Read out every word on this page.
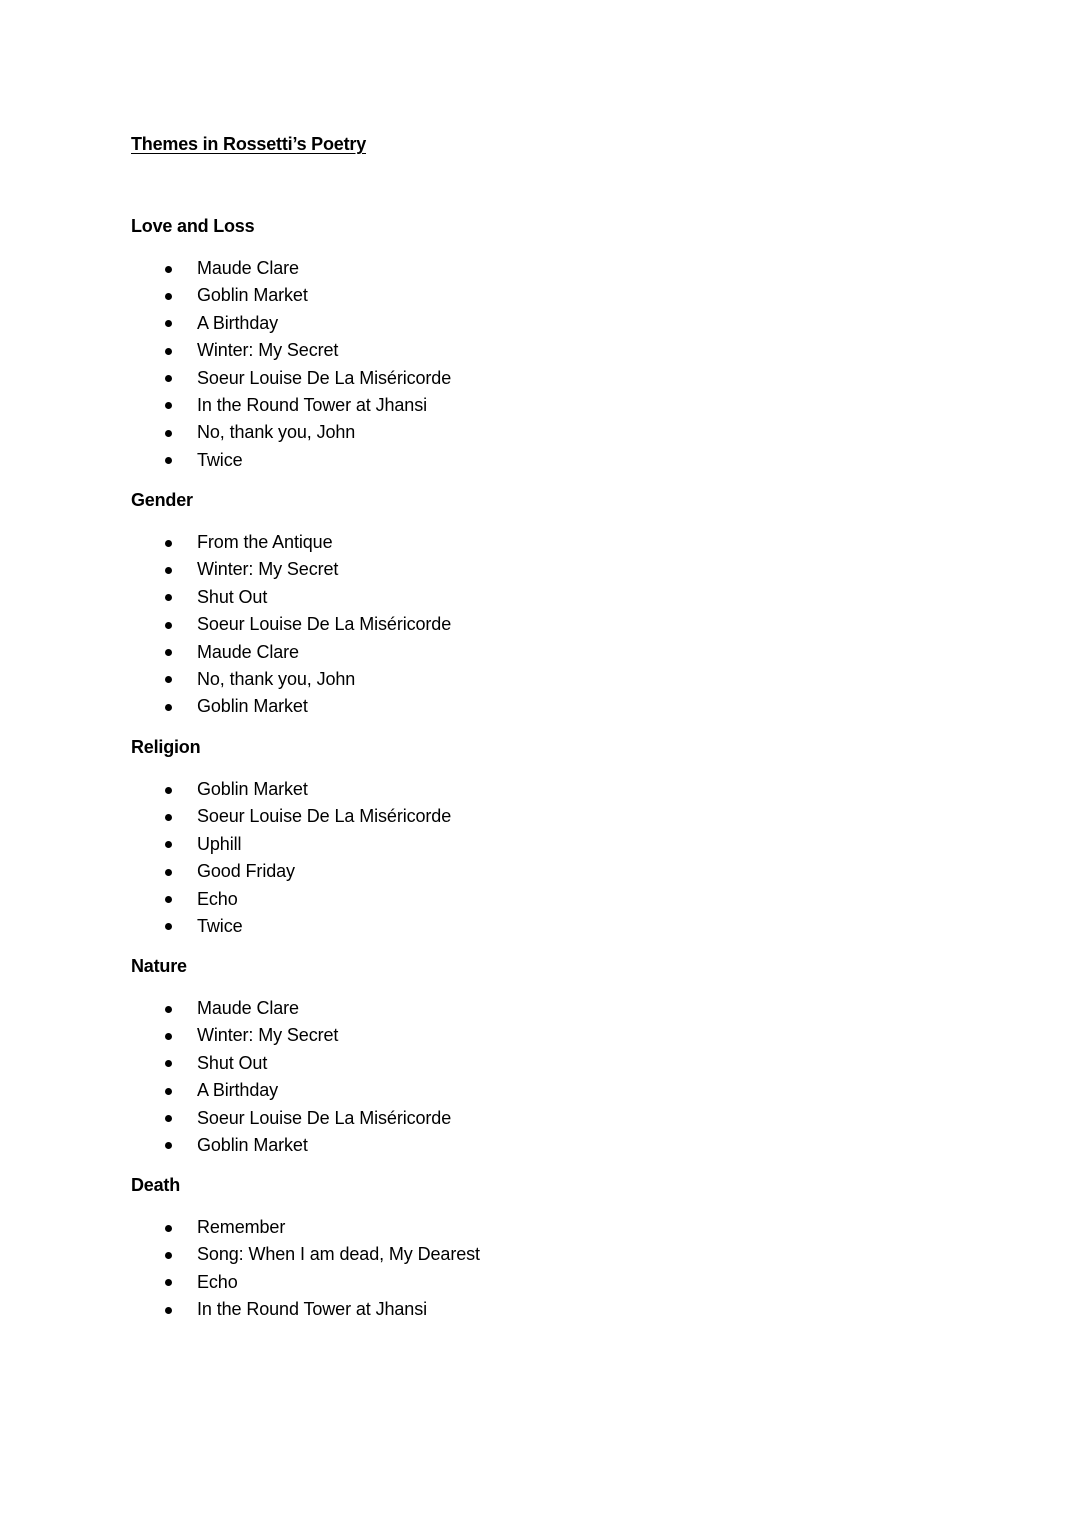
Themes in Rossetti’s Poetry
Love and Loss
Maude Clare
Goblin Market
A Birthday
Winter: My Secret
Soeur Louise De La Miséricorde
In the Round Tower at Jhansi
No, thank you, John
Twice
Gender
From the Antique
Winter: My Secret
Shut Out
Soeur Louise De La Miséricorde
Maude Clare
No, thank you, John
Goblin Market
Religion
Goblin Market
Soeur Louise De La Miséricorde
Uphill
Good Friday
Echo
Twice
Nature
Maude Clare
Winter: My Secret
Shut Out
A Birthday
Soeur Louise De La Miséricorde
Goblin Market
Death
Remember
Song: When I am dead, My Dearest
Echo
In the Round Tower at Jhansi
